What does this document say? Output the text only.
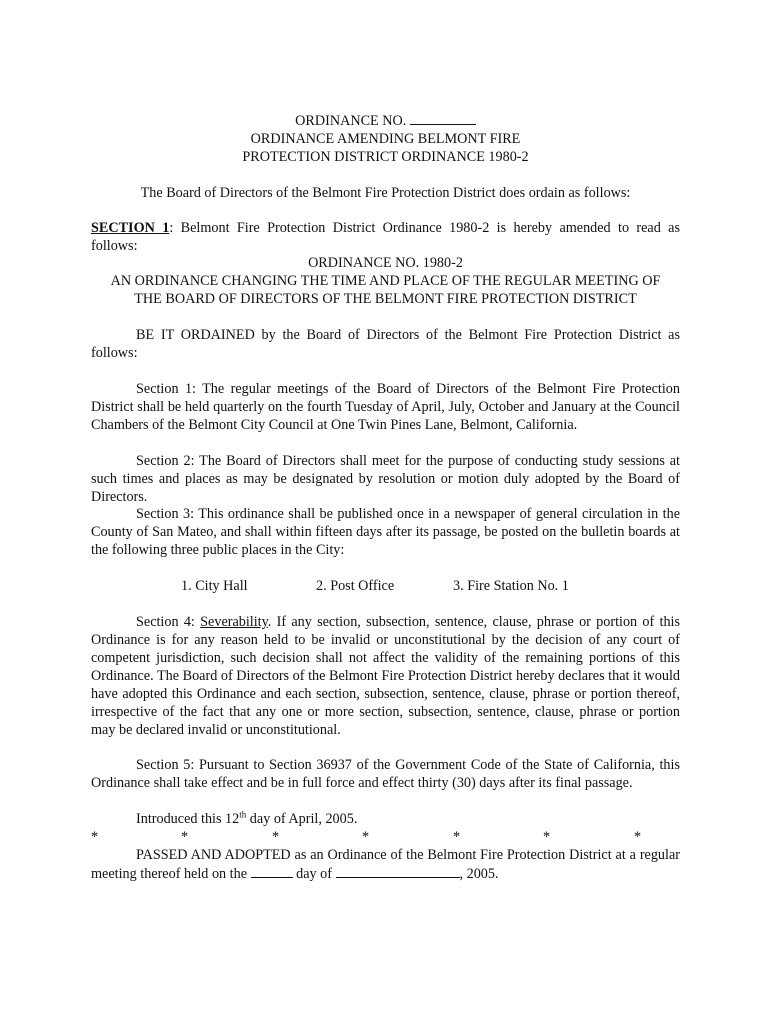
ORDINANCE NO.

ORDINANCE AMENDING BELMONT FIRE

PROTECTION DISTRICT ORDINANCE 1980-2

The Board of Directors of the Belmont Fire Protection District does ordain as follows:

SECTION 1: Belmont Fire Protection District Ordinance 1980-2 is hereby amended to read as follows:

ORDINANCE NO. 1980-2

AN ORDINANCE CHANGING THE TIME AND PLACE OF THE REGULAR MEETING OF

THE BOARD OF DIRECTORS OF THE BELMONT FIRE PROTECTION DISTRICT

BE IT ORDAINED by the Board of Directors of the Belmont Fire Protection District as follows:

Section 1: The regular meetings of the Board of Directors of the Belmont Fire Protection District shall be held quarterly on the fourth Tuesday of April, July, October and January at the Council Chambers of the Belmont City Council at One Twin Pines Lane, Belmont, California.

Section 2: The Board of Directors shall meet for the purpose of conducting study sessions at such times and places as may be designated by resolution or motion duly adopted by the Board of Directors.

Section 3: This ordinance shall be published once in a newspaper of general circulation in the County of San Mateo, and shall within fifteen days after its passage, be posted on the bulletin boards at the following three public places in the City:

1. City Hall	2. Post Office	3. Fire Station No. 1

Section 4: Severability. If any section, subsection, sentence, clause, phrase or portion of this Ordinance is for any reason held to be invalid or unconstitutional by the decision of any court of competent jurisdiction, such decision shall not affect the validity of the remaining portions of this Ordinance. The Board of Directors of the Belmont Fire Protection District hereby declares that it would have adopted this Ordinance and each section, subsection, sentence, clause, phrase or portion thereof, irrespective of the fact that any one or more section, subsection, sentence, clause, phrase or portion may be declared invalid or unconstitutional.

Section 5: Pursuant to Section 36937 of the Government Code of the State of California, this Ordinance shall take effect and be in full force and effect thirty (30) days after its final passage.

Introduced this 12th day of April, 2005.

*	*	*	*	*	*	*

PASSED AND ADOPTED as an Ordinance of the Belmont Fire Protection District at a regular meeting thereof held on the	day of	, 2005.
